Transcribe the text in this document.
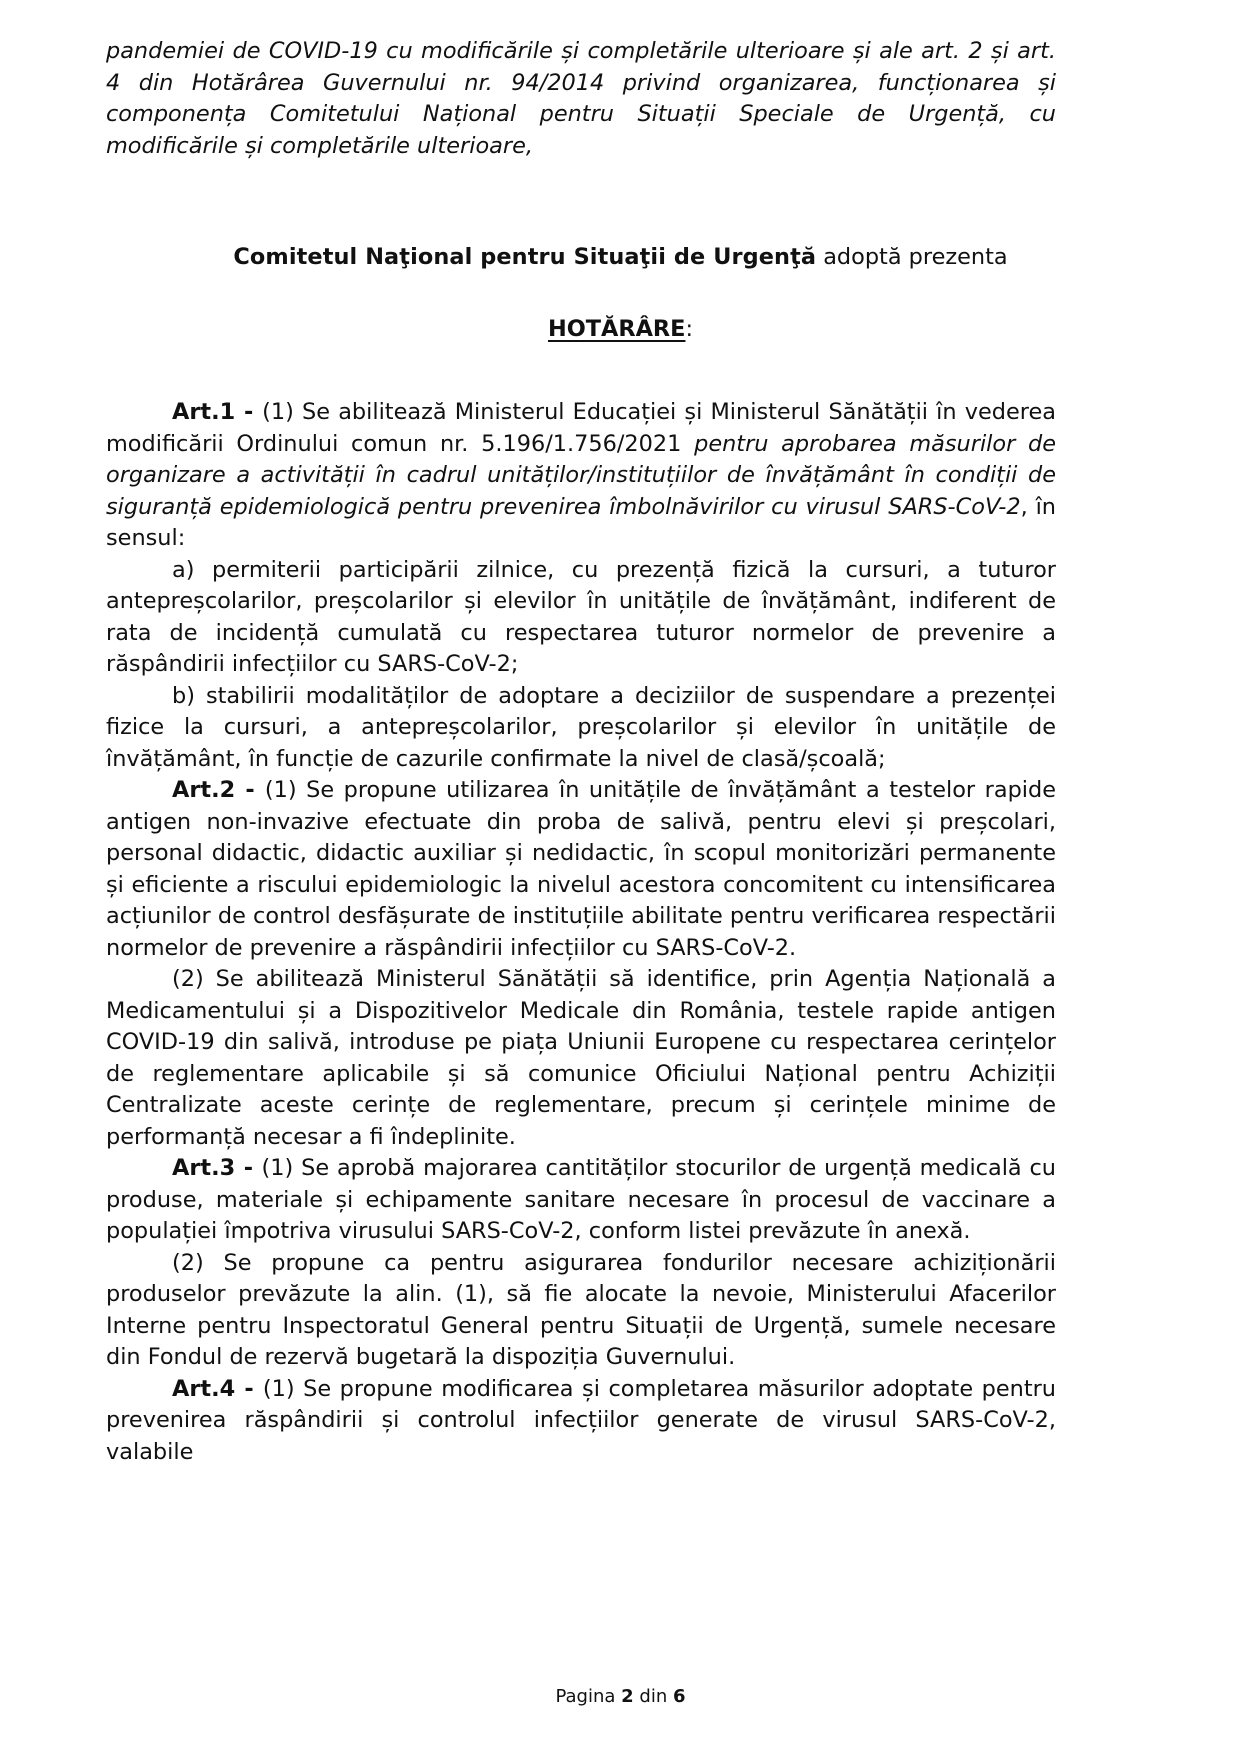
pandemiei de COVID-19 cu modificările și completările ulterioare și ale art. 2 și art. 4 din Hotărârea Guvernului nr. 94/2014 privind organizarea, funcționarea și componența Comitetului Național pentru Situații Speciale de Urgență, cu modificările și completările ulterioare,

Comitetul Naţional pentru Situaţii de Urgenţă adoptă prezenta
HOTĂRÂRE:

Art.1 - (1) Se abilitează Ministerul Educației și Ministerul Sănătății în vederea modificării Ordinului comun nr. 5.196/1.756/2021 pentru aprobarea măsurilor de organizare a activității în cadrul unităților/instituțiilor de învățământ în condiții de siguranță epidemiologică pentru prevenirea îmbolnăvirilor cu virusul SARS-CoV-2, în sensul:

a) permiterii participării zilnice, cu prezență fizică la cursuri, a tuturor antepreșcolarilor, preșcolarilor și elevilor în unitățile de învățământ, indiferent de rata de incidență cumulată cu respectarea tuturor normelor de prevenire a răspândirii infecțiilor cu SARS-CoV-2;

b) stabilirii modalităților de adoptare a deciziilor de suspendare a prezenței fizice la cursuri, a antepreșcolarilor, preșcolarilor și elevilor în unitățile de învățământ, în funcție de cazurile confirmate la nivel de clasă/școală;

Art.2 - (1) Se propune utilizarea în unitățile de învățământ a testelor rapide antigen non-invazive efectuate din proba de salivă, pentru elevi și preșcolari, personal didactic, didactic auxiliar și nedidactic, în scopul monitorizări permanente și eficiente a riscului epidemiologic la nivelul acestora concomitent cu intensificarea acțiunilor de control desfășurate de instituțiile abilitate pentru verificarea respectării normelor de prevenire a răspândirii infecțiilor cu SARS-CoV-2.

(2) Se abilitează Ministerul Sănătății să identifice, prin Agenția Națională a Medicamentului și a Dispozitivelor Medicale din România, testele rapide antigen COVID-19 din salivă, introduse pe piața Uniunii Europene cu respectarea cerințelor de reglementare aplicabile și să comunice Oficiului Național pentru Achiziții Centralizate aceste cerințe de reglementare, precum și cerințele minime de performanță necesar a fi îndeplinite.

Art.3 - (1) Se aprobă majorarea cantităților stocurilor de urgență medicală cu produse, materiale și echipamente sanitare necesare în procesul de vaccinare a populației împotriva virusului SARS-CoV-2, conform listei prevăzute în anexă.

(2) Se propune ca pentru asigurarea fondurilor necesare achiziționării produselor prevăzute la alin. (1), să fie alocate la nevoie, Ministerului Afacerilor Interne pentru Inspectoratul General pentru Situații de Urgență, sumele necesare din Fondul de rezervă bugetară la dispoziția Guvernului.

Art.4 - (1) Se propune modificarea și completarea măsurilor adoptate pentru prevenirea răspândirii și controlul infecțiilor generate de virusul SARS-CoV-2, valabile

Pagina 2 din 6
